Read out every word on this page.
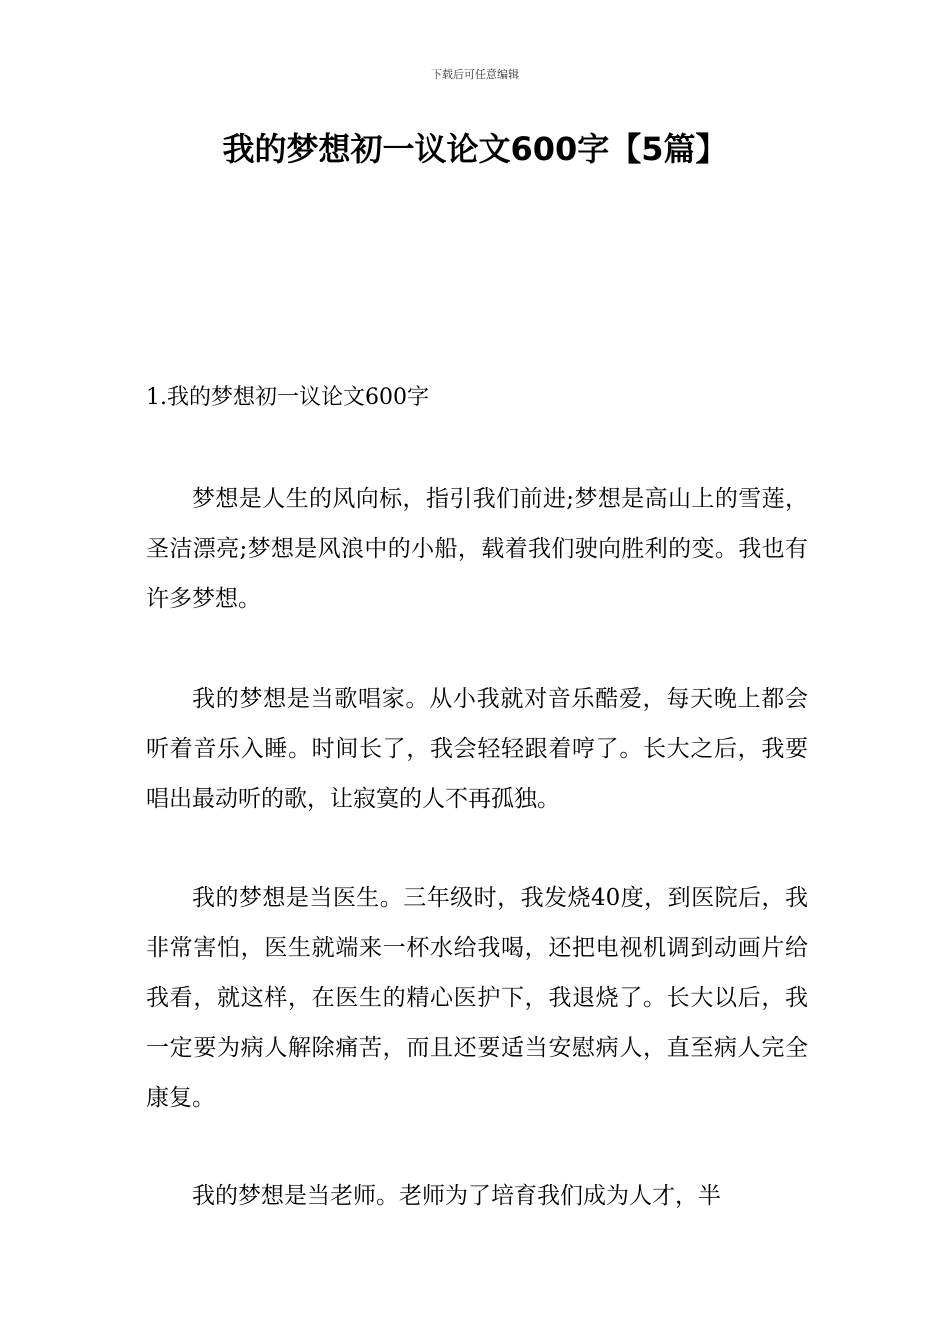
下载后可任意编辑
我的梦想初一议论文600字【5篇】
1.我的梦想初一议论文600字

梦想是人生的风向标，指引我们前进;梦想是高山上的雪莲，圣洁漂亮;梦想是风浪中的小船，载着我们驶向胜利的变。我也有许多梦想。

我的梦想是当歌唱家。从小我就对音乐酷爱，每天晚上都会听着音乐入睡。时间长了，我会轻轻跟着哼了。长大之后，我要唱出最动听的歌，让寂寞的人不再孤独。

我的梦想是当医生。三年级时，我发烧40度，到医院后，我非常害怕，医生就端来一杯水给我喝，还把电视机调到动画片给我看，就这样，在医生的精心医护下，我退烧了。长大以后，我一定要为病人解除痛苦，而且还要适当安慰病人，直至病人完全康复。

我的梦想是当老师。老师为了培育我们成为人才，半
